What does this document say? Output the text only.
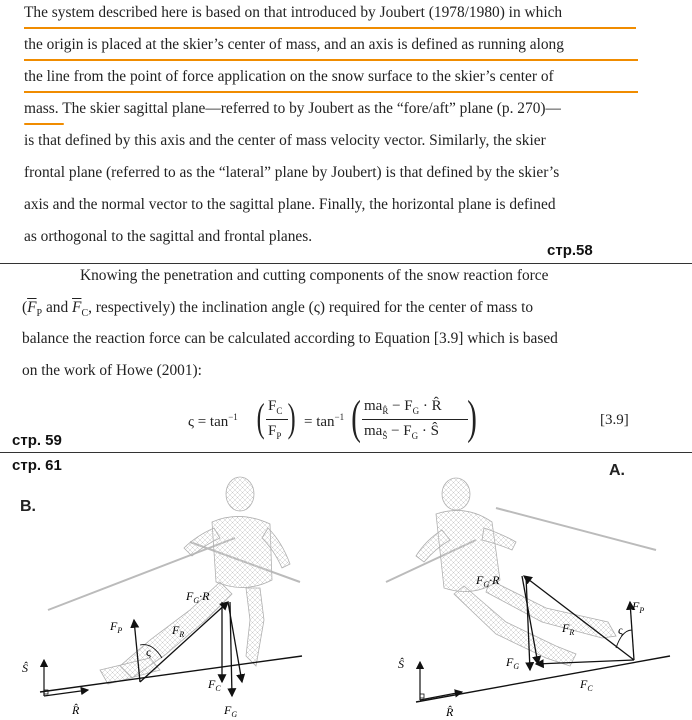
The system described here is based on that introduced by Joubert (1978/1980) in which
the origin is placed at the skier’s center of mass, and an axis is defined as running along
the line from the point of force application on the snow surface to the skier’s center of
mass. The skier sagittal plane—referred to by Joubert as the “fore/aft” plane (p. 270)—
is that defined by this axis and the center of mass velocity vector. Similarly, the skier
frontal plane (referred to as the “lateral” plane by Joubert) is that defined by the skier’s
axis and the normal vector to the sagittal plane. Finally, the horizontal plane is defined
as orthogonal to the sagittal and frontal planes.
стр.58
Knowing the penetration and cutting components of the snow reaction force
($\overline{F}_P$ and $\overline{F}_C$, respectively) the inclination angle (ς) required for the center of mass to
balance the reaction force can be calculated according to Equation [3.9] which is based
on the work of Howe (2001):
$\varsigma = \tan^{-1}$ ( $F_C$
$F_P$ ) = $\tan^{-1}$ ( $ma_{R̂} - F_G$ · R̂
$ma_Ŝ - F_G$ · Ŝ )	[3.9]
стр. 59
стр. 61	A.
B.
$F_G\cdot R$
$F_P$	$F_R$
ς
$F_C$
$F_G$
Ŝ
R̂
$F_G\cdot R$
$F_P$
$F_R$	ς
$F_G$
$F_C$
Ŝ
R̂
